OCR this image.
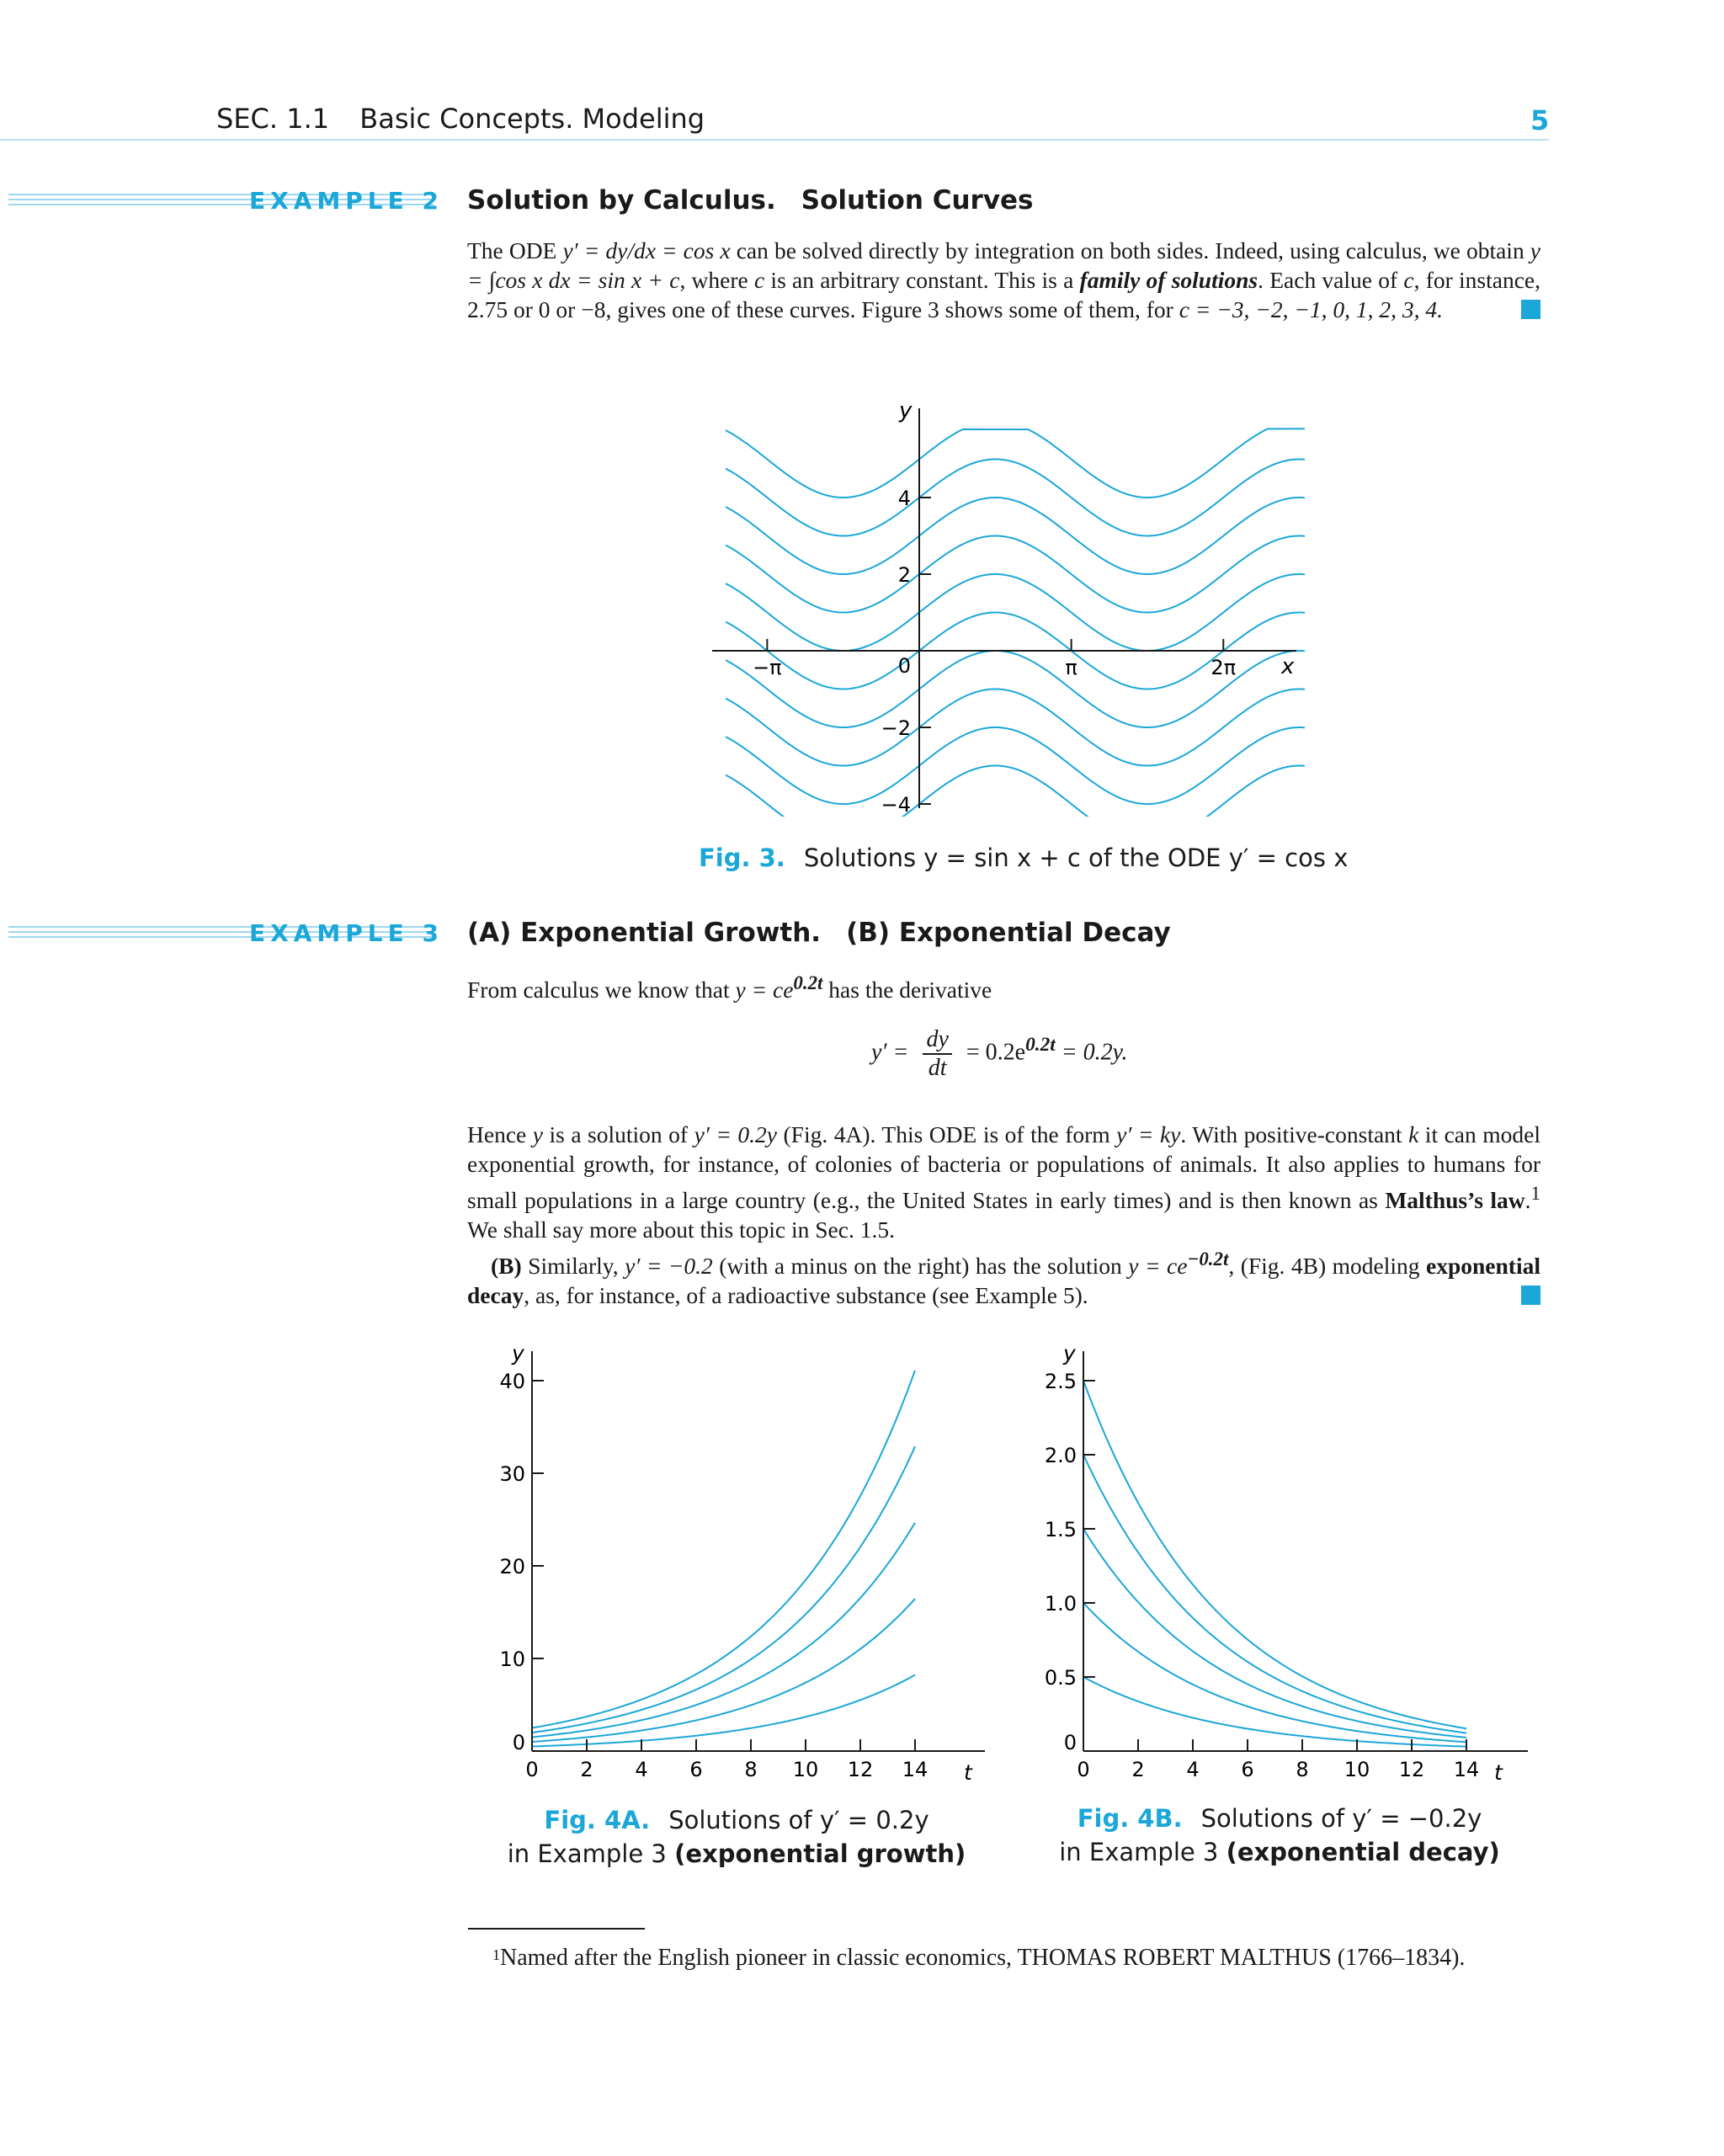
SEC. 1.1 Basic Concepts. Modeling	5
EXAMPLE 2 Solution by Calculus. Solution Curves
The ODE y′ = dy/dx = cos x can be solved directly by integration on both sides. Indeed, using calculus, we obtain y = ∫cos x dx = sin x + c, where c is an arbitrary constant. This is a family of solutions. Each value of c, for instance, 2.75 or 0 or −8, gives one of these curves. Figure 3 shows some of them, for c = −3, −2, −1, 0, 1, 2, 3, 4.
4
2
−2
−4
0
−π	π	2π
y
x
Fig. 3. Solutions y = sin x + c of the ODE y′ = cos x
EXAMPLE 3 (A) Exponential Growth. (B) Exponential Decay
From calculus we know that $y = ce^{0.2t}$ has the derivative
$y' = \frac{dy}{dt} = 0.2e^{0.2t} = 0.2y$.
Hence y is a solution of y′ = 0.2y (Fig. 4A). This ODE is of the form y′ = ky. With positive-constant k it can model exponential growth, for instance, of colonies of bacteria or populations of animals. It also applies to humans for small populations in a large country (e.g., the United States in early times) and is then known as Malthus’s law.$^1$ We shall say more about this topic in Sec. 1.5.
(B) Similarly, y′ = −0.2 (with a minus on the right) has the solution $y = ce^{-0.2t}$, (Fig. 4B) modeling exponential decay, as, for instance, of a radioactive substance (see Example 5).
0 2 4 6 8 10 12 14
0
10
20
30
40
y
t
Fig. 4A. Solutions of y′ = 0.2y
in Example 3 (exponential growth)
0 2 4 6 8 10 12 14
0
0.5
1.0
1.5
2.0
2.5
y
t
Fig. 4B. Solutions of y′ = −0.2y
in Example 3 (exponential decay)
$^1$Named after the English pioneer in classic economics, THOMAS ROBERT MALTHUS (1766–1834).
